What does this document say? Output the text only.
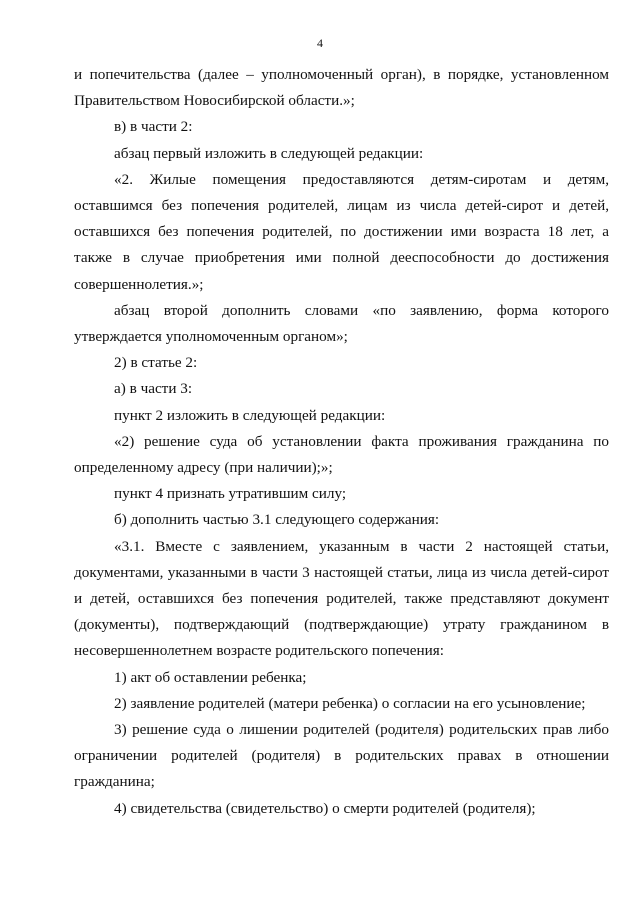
4

и попечительства (далее – уполномоченный орган), в порядке, установленном Правительством Новосибирской области.»;

в) в части 2:

абзац первый изложить в следующей редакции:

«2. Жилые помещения предоставляются детям-сиротам и детям, оставшимся без попечения родителей, лицам из числа детей-сирот и детей, оставшихся без попечения родителей, по достижении ими возраста 18 лет, а также в случае приобретения ими полной дееспособности до достижения совершеннолетия.»;

абзац второй дополнить словами «по заявлению, форма которого утверждается уполномоченным органом»;

2) в статье 2:

а) в части 3:

пункт 2 изложить в следующей редакции:

«2) решение суда об установлении факта проживания гражданина по определенному адресу (при наличии);»;

пункт 4 признать утратившим силу;

б) дополнить частью 3.1 следующего содержания:

«3.1. Вместе с заявлением, указанным в части 2 настоящей статьи, документами, указанными в части 3 настоящей статьи, лица из числа детей-сирот и детей, оставшихся без попечения родителей, также представляют документ (документы), подтверждающий (подтверждающие) утрату гражданином в несовершеннолетнем возрасте родительского попечения:

1) акт об оставлении ребенка;

2) заявление родителей (матери ребенка) о согласии на его усыновление;

3) решение суда о лишении родителей (родителя) родительских прав либо ограничении родителей (родителя) в родительских правах в отношении гражданина;

4) свидетельства (свидетельство) о смерти родителей (родителя);
